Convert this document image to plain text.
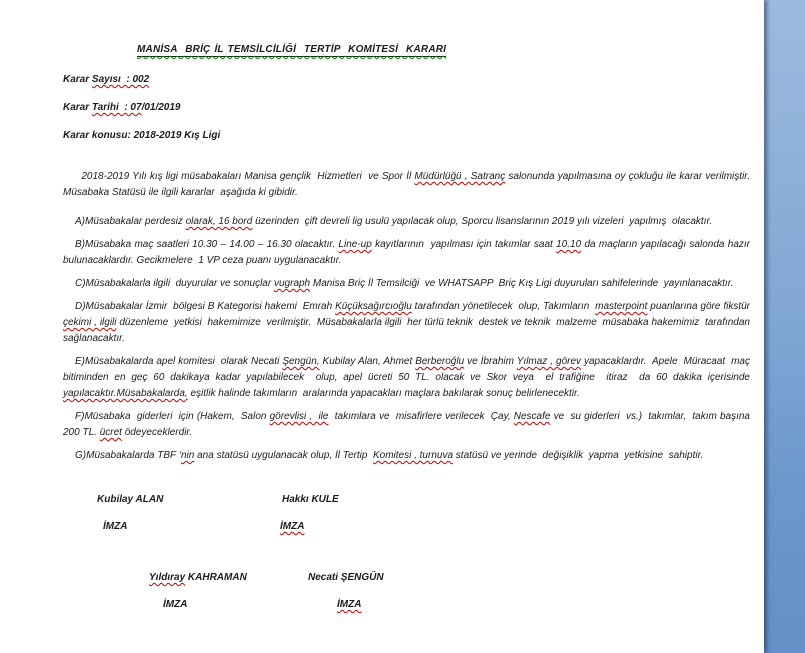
MANİSA  BRİÇ İL TEMSİLCİLİĞİ  TERTİP  KOMİTESİ  KARARI

Karar Sayısı  : 002

Karar Tarihi  : 07/01/2019

Karar konusu: 2018-2019 Kış Ligi

2018-2019 Yılı kış ligi müsabakaları Manisa gençlik  Hizmetleri  ve Spor İl Müdürlüğü , Satranç salonunda yapılmasına oy çokluğu ile karar verilmiştir. Müsabaka Statüsü ile ilgili kararlar  aşağıda ki gibidir.

A)Müsabakalar perdesiz olarak, 16 bord üzerinden  çift devreli lig usulü yapılacak olup, Sporcu lisanslarının 2019 yılı vizeleri  yapılmış  olacaktır.

B)Müsabaka maç saatleri 10.30 – 14.00 – 16.30 olacaktır. Line-up kayıtlarının  yapılması için takımlar saat 10.10 da maçların yapılacağı salonda hazır bulunacaklardır. Gecikmelere  1 VP ceza puanı uygulanacaktır.

C)Müsabakalarla ilgili  duyurular ve sonuçlar vugraph Manisa Briç İl Temsilciği  ve WHATSAPP  Briç Kış Ligi duyuruları sahifelerinde  yayınlanacaktır.

D)Müsabakalar İzmir  bölgesi B Kategorisi hakemi  Emrah Küçüksağırcıoğlu tarafından yönetilecek  olup, Takımların  masterpoint puanlarına göre fikstür çekimi , ilgili düzenleme  yetkisi  hakemimize  verilmiştir.  Müsabakalarla ilgili  her türlü teknik  destek ve teknik  malzeme  müsabaka hakemimiz  tarafından sağlanacaktır.

E)Müsabakalarda apel komitesi  olarak Necati Şengün, Kubilay Alan, Ahmet Berberoğlu ve İbrahim Yılmaz , görev yapacaklardır.  Apele  Müracaat  maç bitiminden en geç 60 dakikaya kadar yapılabilecek  olup, apel ücreti 50 TL. olacak ve Skor veya  el trafiğine  itiraz  da 60 dakika içerisinde yapılacaktır.Müsabakalarda, eşitlik halinde takımların  aralarında yapacakları maçlara bakılarak sonuç belirlenecektir.

F)Müsabaka  giderleri  için (Hakem,  Salon görevlisi ,  ile  takımlara ve  misafirlere verilecek  Çay, Nescafe ve  su giderleri  vs.)  takımlar,  takım başına 200 TL. ücret ödeyeceklerdir.

G)Müsabakalarda TBF ‘nin ana statüsü uygulanacak olup, İl Tertip  Komitesi , turnuva statüsü ve yerinde  değişiklik  yapma  yetkisine  sahiptir.

Kubilay ALAN	Hakkı KULE
İMZA	İMZA
Yıldıray KAHRAMAN	Necati ŞENGÜN
İMZA	İMZA
